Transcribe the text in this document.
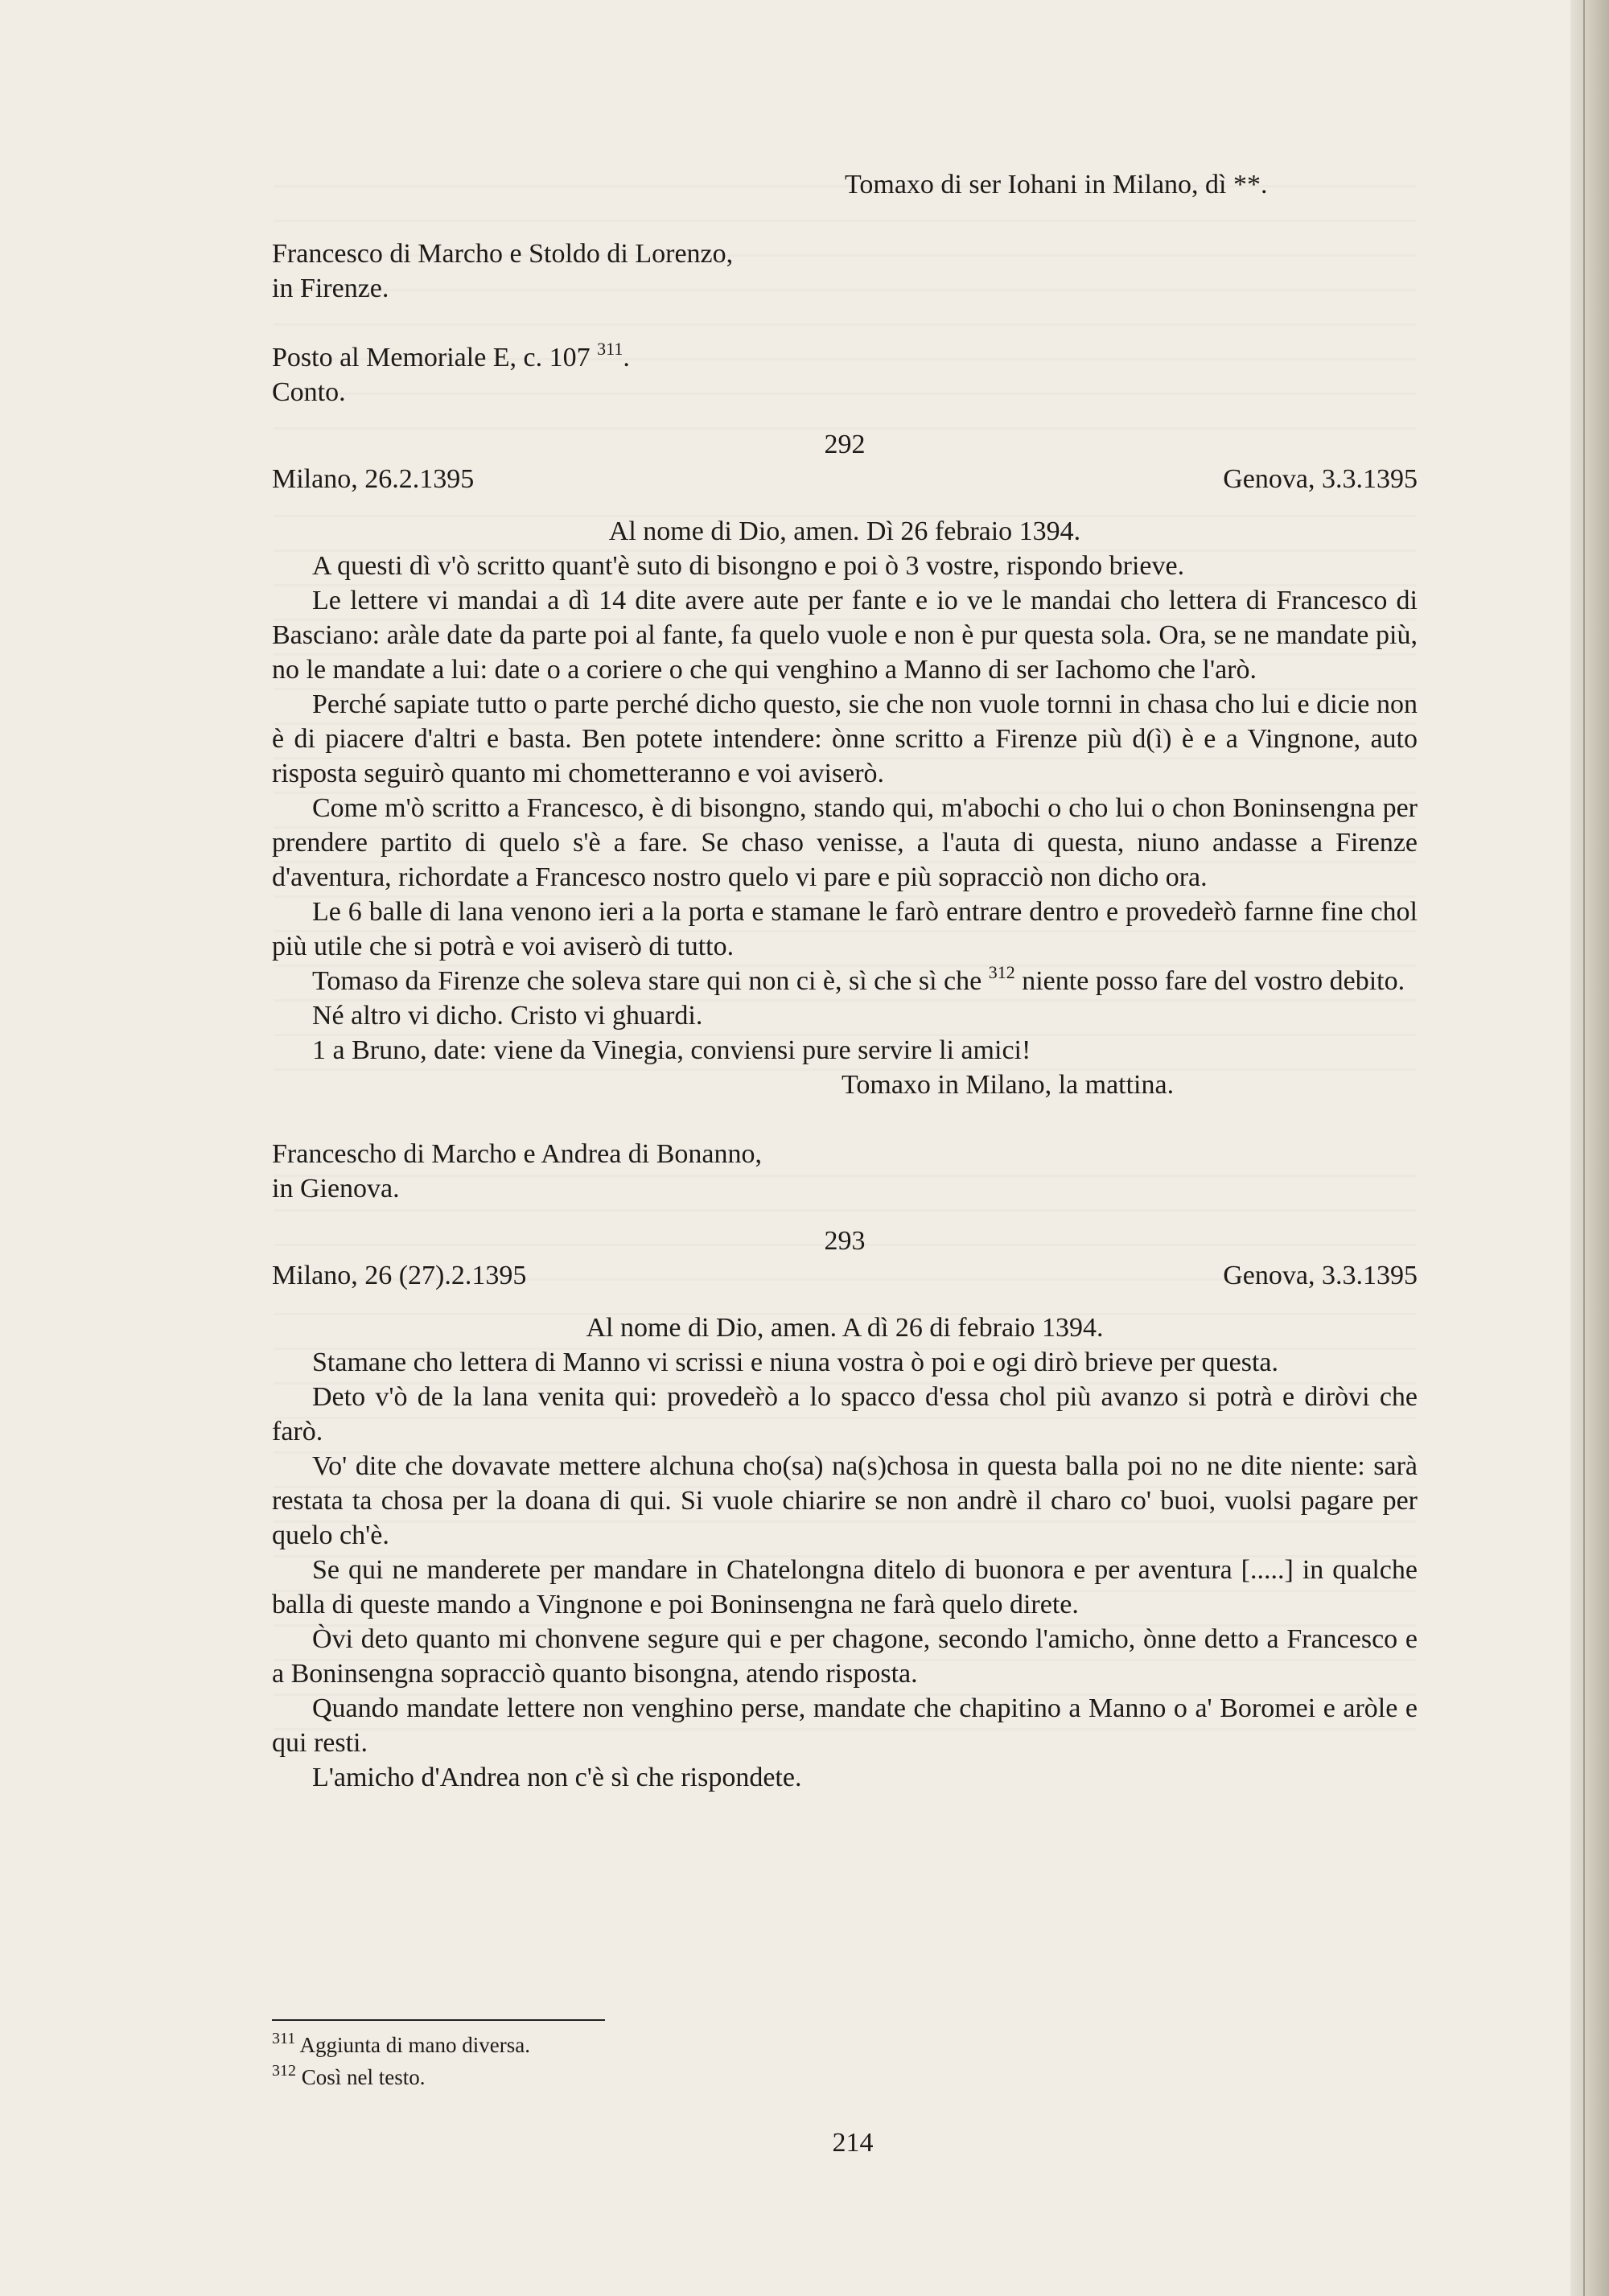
Tomaxo di ser Iohani in Milano, dì **.

Francesco di Marcho e Stoldo di Lorenzo,

in Firenze.

Posto al Memoriale E, c. 107 $^{311}$.

Conto.

292

Milano, 26.2.1395	Genova, 3.3.1395

Al nome di Dio, amen. Dì 26 febraio 1394.

A questi dì v'ò scritto quant'è suto di bisongno e poi ò 3 vostre, rispondo brieve.

Le lettere vi mandai a dì 14 dite avere aute per fante e io ve le mandai cho lettera di Francesco di Basciano: aràle date da parte poi al fante, fa quelo vuole e non è pur questa sola. Ora, se ne mandate più, no le mandate a lui: date o a coriere o che qui venghino a Manno di ser Iachomo che l'arò.

Perché sapiate tutto o parte perché dicho questo, sie che non vuole tornni in chasa cho lui e dicie non è di piacere d'altri e basta. Ben potete intendere: ònne scritto a Firenze più d(ì) è e a Vingnone, auto risposta seguirò quanto mi chometteranno e voi aviserò.

Come m'ò scritto a Francesco, è di bisongno, stando qui, m'abochi o cho lui o chon Boninsengna per prendere partito di quelo s'è a fare. Se chaso venisse, a l'auta di questa, niuno andasse a Firenze d'aventura, richordate a Francesco nostro quelo vi pare e più sopracciò non dicho ora.

Le 6 balle di lana venono ieri a la porta e stamane le farò entrare dentro e proveder̀ò farnne fine chol più utile che si potrà e voi aviserò di tutto.

Tomaso da Firenze che soleva stare qui non ci è, sì che sì che $^{312}$ niente posso fare del vostro debito.

Né altro vi dicho. Cristo vi ghuardi.

1 a Bruno, date: viene da Vinegia, conviensi pure servire li amici!

Tomaxo in Milano, la mattina.

Francescho di Marcho e Andrea di Bonanno,

in Gienova.

293

Milano, 26 (27).2.1395	Genova, 3.3.1395

Al nome di Dio, amen. A dì 26 di febraio 1394.

Stamane cho lettera di Manno vi scrissi e niuna vostra ò poi e ogi dirò brieve per questa.

Deto v'ò de la lana venita qui: proveder̀ò a lo spacco d'essa chol più avanzo si potrà e diròvi che farò.

Vo' dite che dovavate mettere alchuna cho(sa) na(s)chosa in questa balla poi no ne dite niente: sarà restata ta chosa per la doana di qui. Si vuole chiarire se non andrè il charo co' buoi, vuolsi pagare per quelo ch'è.

Se qui ne manderete per mandare in Chatelongna ditelo di buonora e per aventura [.....] in qualche balla di queste mando a Vingnone e poi Boninsengna ne farà quelo direte.

Òvi deto quanto mi chonvene segure qui e per chagone, secondo l'amicho, ònne detto a Francesco e a Boninsengna sopracciò quanto bisongna, atendo risposta.

Quando mandate lettere non venghino perse, mandate che chapitino a Manno o a' Boromei e aròle e qui resti.

L'amicho d'Andrea non c'è sì che rispondete.

$^{311}$ Aggiunta di mano diversa.

$^{312}$ Così nel testo.

214
